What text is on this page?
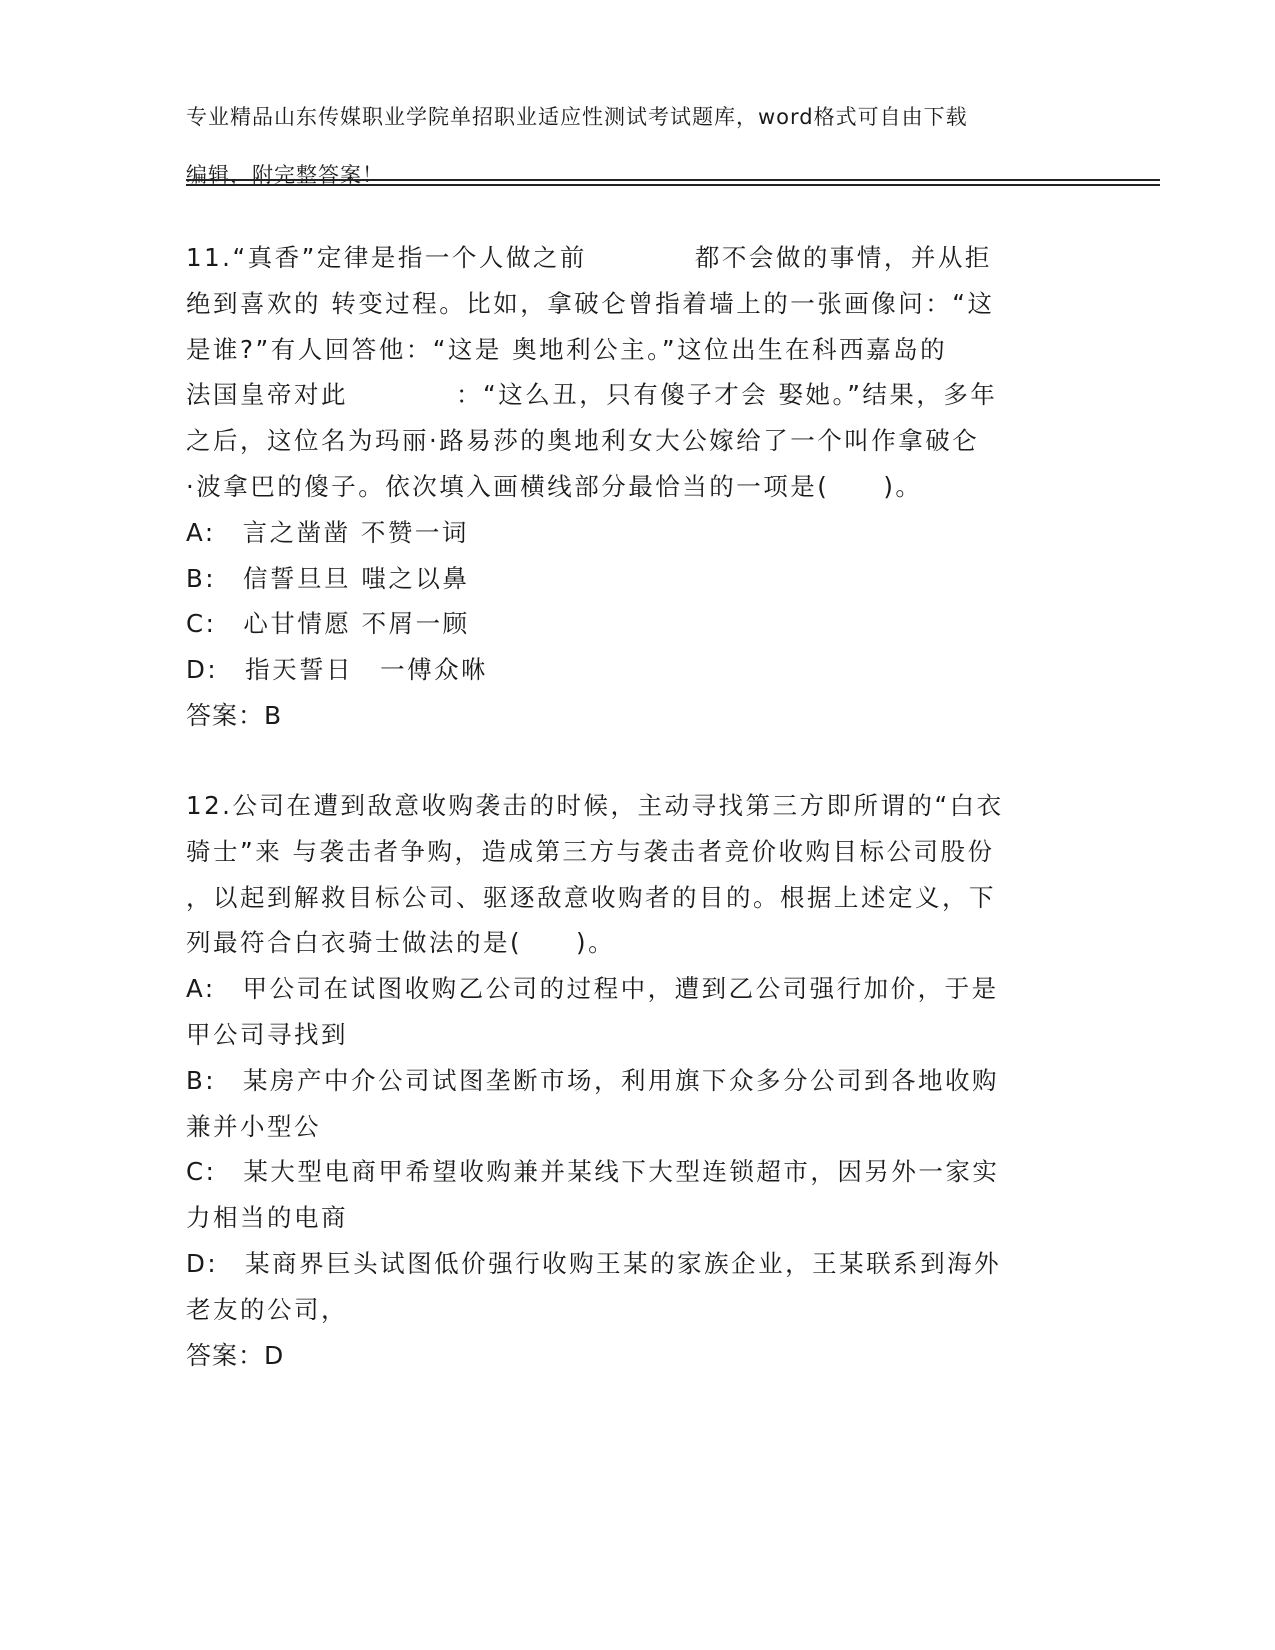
专业精品山东传媒职业学院单招职业适应性测试考试题库，word格式可自由下载

编辑，附完整答案！

11.“真香”定律是指一个人做之前　　　　都不会做的事情，并从拒
绝到喜欢的 转变过程。比如，拿破仑曾指着墙上的一张画像问：“这
是谁?”有人回答他：“这是 奥地利公主。”这位出生在科西嘉岛的
法国皇帝对此　　　　：“这么丑，只有傻子才会 娶她。”结果，多年
之后，这位名为玛丽·路易莎的奥地利女大公嫁给了一个叫作拿破仑
·波拿巴的傻子。依次填入画横线部分最恰当的一项是(　　)。
A:　言之凿凿 不赞一词
B:　信誓旦旦 嗤之以鼻
C:　心甘情愿 不屑一顾
D:　指天誓日　一傅众咻
答案：B
12.公司在遭到敌意收购袭击的时候，主动寻找第三方即所谓的“白衣
骑士”来 与袭击者争购，造成第三方与袭击者竞价收购目标公司股份
，以起到解救目标公司、驱逐敌意收购者的目的。根据上述定义，下
列最符合白衣骑士做法的是(　　)。
A:　甲公司在试图收购乙公司的过程中，遭到乙公司强行加价，于是
甲公司寻找到
B:　某房产中介公司试图垄断市场，利用旗下众多分公司到各地收购
兼并小型公
C:　某大型电商甲希望收购兼并某线下大型连锁超市，因另外一家实
力相当的电商
D:　某商界巨头试图低价强行收购王某的家族企业，王某联系到海外
老友的公司，
答案：D
